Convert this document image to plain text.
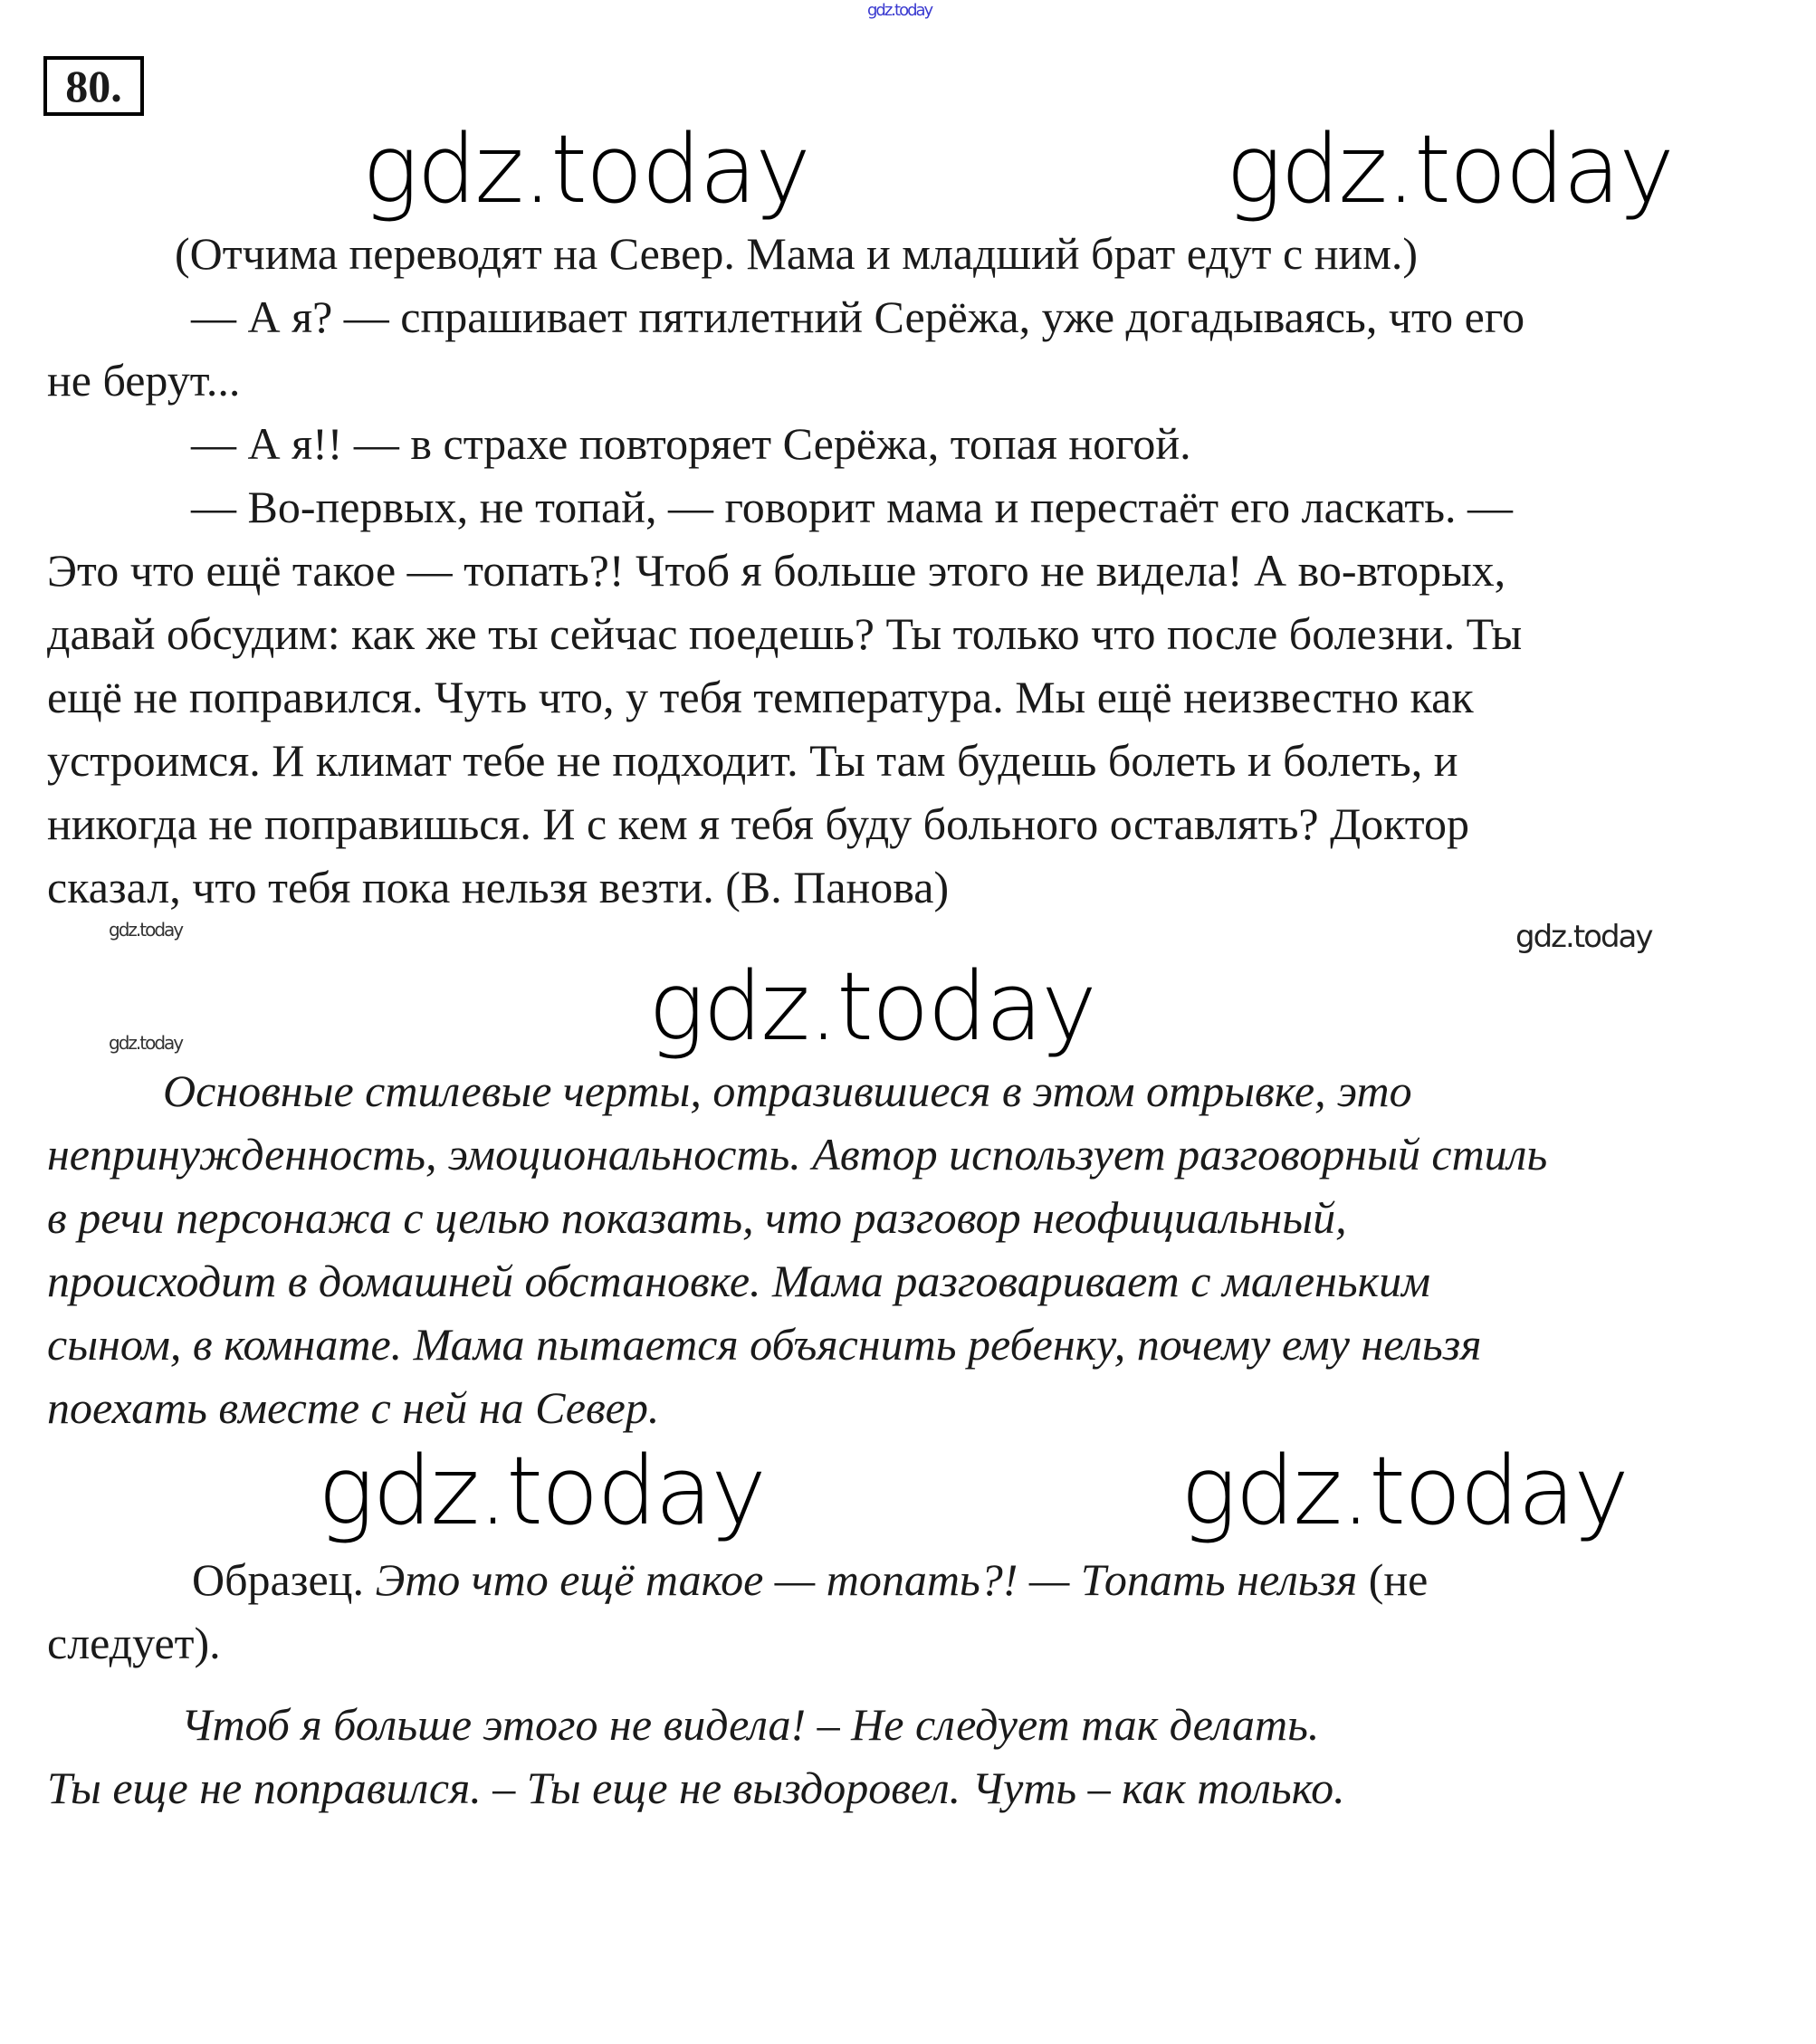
gdz.today
80.
gdz.today	gdz.today
(Отчима переводят на Север. Мама и младший брат едут с ним.)
— А я? — спрашивает пятилетний Серёжа, уже догадываясь, что его
не берут...
— А я!! — в страхе повторяет Серёжа, топая ногой.
— Во-первых, не топай, — говорит мама и перестаёт его ласкать. —
Это что ещё такое — топать?! Чтоб я больше этого не видела! А во-вторых,
давай обсудим: как же ты сейчас поедешь? Ты только что после болезни. Ты
ещё не поправился. Чуть что, у тебя температура. Мы ещё неизвестно как
устроимся. И климат тебе не подходит. Ты там будешь болеть и болеть, и
никогда не поправишься. И с кем я тебя буду больного оставлять? Доктор
сказал, что тебя пока нельзя везти. (В. Панова)
gdz.today	gdz.today
gdz.today
gdz.today
Основные стилевые черты, отразившиеся в этом отрывке, это
непринужденность, эмоциональность. Автор использует разговорный стиль
в речи персонажа с целью показать, что разговор неофициальный,
происходит в домашней обстановке. Мама разговаривает с маленьким
сыном, в комнате. Мама пытается объяснить ребенку, почему ему нельзя
поехать вместе с ней на Север.
gdz.today	gdz.today
Образец. Это что ещё такое — топать?! — Топать нельзя (не
следует).
Чтоб я больше этого не видела! – Не следует так делать.
Ты еще не поправился. – Ты еще не выздоровел. Чуть – как только.
